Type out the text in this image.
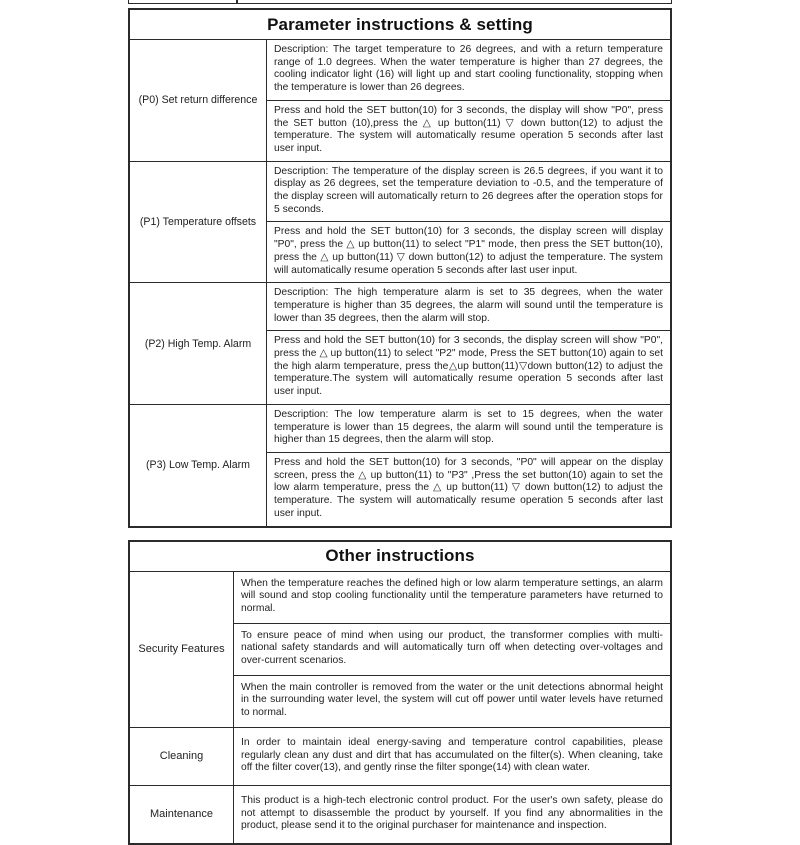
Parameter instructions & setting
(P0) Set return difference
Description: The target temperature to 26 degrees, and with a return temperature range of 1.0 degrees. When the water temperature is higher than 27 degrees, the cooling indicator light (16) will light up and start cooling functionality, stopping when the temperature is lower than 26 degrees.
Press and hold the SET button(10) for 3 seconds, the display will show "P0", press the SET button (10),press the △ up button(11) ▽ down button(12) to adjust the temperature. The system will automatically resume operation 5 seconds after last user input.
(P1) Temperature offsets
Description: The temperature of the display screen is 26.5 degrees, if you want it to display as 26 degrees, set the temperature deviation to -0.5, and the temperature of the display screen will automatically return to 26 degrees after the operation stops for 5 seconds.
Press and hold the SET button(10) for 3 seconds, the display screen will display "P0", press the △ up button(11) to select "P1" mode, then press the SET button(10), press the △ up button(11) ▽ down button(12) to adjust the temperature. The system will automatically resume operation 5 seconds after last user input.
(P2) High Temp. Alarm
Description: The high temperature alarm is set to 35 degrees, when the water temperature is higher than 35 degrees, the alarm will sound until the temperature is lower than 35 degrees, then the alarm will stop.
Press and hold the SET button(10) for 3 seconds, the display screen will show "P0", press the △ up button(11) to select "P2" mode, Press the SET button(10) again to set the high alarm temperature, press the△up button(11)▽down button(12) to adjust the temperature.The system will automatically resume operation 5 seconds after last user input.
(P3) Low Temp. Alarm
Description: The low temperature alarm is set to 15 degrees, when the water temperature is lower than 15 degrees, the alarm will sound until the temperature is higher than 15 degrees, then the alarm will stop.
Press and hold the SET button(10) for 3 seconds, "P0" will appear on the display screen, press the △ up button(11) to "P3" ,Press the set button(10) again to set the low alarm temperature, press the △ up button(11) ▽ down button(12) to adjust the temperature. The system will automatically resume operation 5 seconds after last user input.
Other instructions
Security Features
When the temperature reaches the defined high or low alarm temperature settings, an alarm will sound and stop cooling functionality until the temperature parameters have returned to normal.
To ensure peace of mind when using our product, the transformer complies with multi-national safety standards and will automatically turn off when detecting over-voltages and over-current scenarios.
When the main controller is removed from the water or the unit detections abnormal height in the surrounding water level, the system will cut off power until water levels have returned to normal.
Cleaning
In order to maintain ideal energy-saving and temperature control capabilities, please regularly clean any dust and dirt that has accumulated on the filter(s). When cleaning, take off the filter cover(13), and gently rinse the filter sponge(14) with clean water.
Maintenance
This product is a high-tech electronic control product. For the user's own safety, please do not attempt to disassemble the product by yourself. If you find any abnormalities in the product, please send it to the original purchaser for maintenance and inspection.
